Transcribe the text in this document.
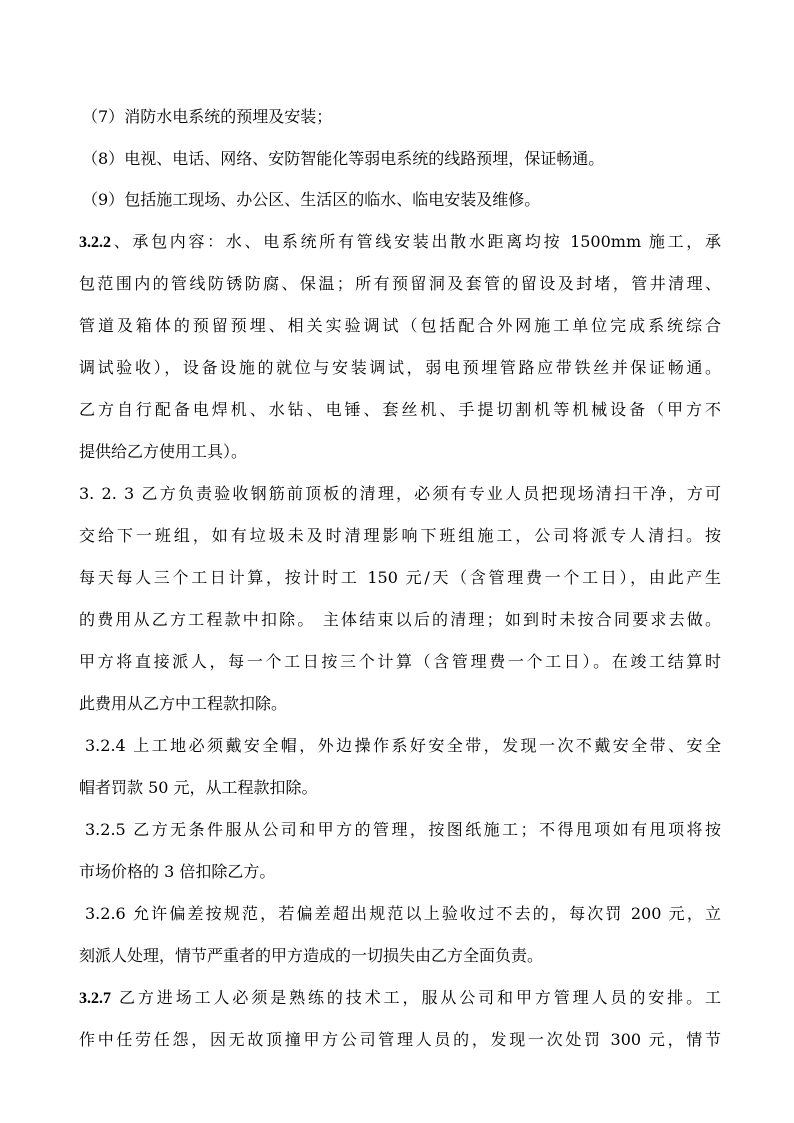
（7）消防水电系统的预埋及安装；

（8）电视、电话、网络、安防智能化等弱电系统的线路预埋，保证畅通。

（9）包括施工现场、办公区、生活区的临水、临电安装及维修。

3.2.2、承包内容：水、电系统所有管线安装出散水距离均按 1500mm 施工，承

包范围内的管线防锈防腐、保温；所有预留洞及套管的留设及封堵，管井清理、

管道及箱体的预留预埋、相关实验调试（包括配合外网施工单位完成系统综合

调试验收），设备设施的就位与安装调试，弱电预埋管路应带铁丝并保证畅通。

乙方自行配备电焊机、水钻、电锤、套丝机、手提切割机等机械设备（甲方不

提供给乙方使用工具）。

3. 2. 3 乙方负责验收钢筋前顶板的清理，必须有专业人员把现场清扫干净，方可

交给下一班组，如有垃圾未及时清理影响下班组施工，公司将派专人清扫。按

每天每人三个工日计算，按计时工 150 元/天（含管理费一个工日），由此产生

的费用从乙方工程款中扣除。 主体结束以后的清理；如到时未按合同要求去做。

甲方将直接派人，每一个工日按三个计算（含管理费一个工日）。在竣工结算时

此费用从乙方中工程款扣除。

3.2.4 上工地必须戴安全帽，外边操作系好安全带，发现一次不戴安全带、安全

帽者罚款 50 元，从工程款扣除。

3.2.5 乙方无条件服从公司和甲方的管理，按图纸施工；不得甩项如有甩项将按

市场价格的 3 倍扣除乙方。

3.2.6 允许偏差按规范，若偏差超出规范以上验收过不去的，每次罚 200 元，立

刻派人处理，情节严重者的甲方造成的一切损失由乙方全面负责。

3.2.7 乙方进场工人必须是熟练的技术工，服从公司和甲方管理人员的安排。工

作中任劳任怨，因无故顶撞甲方公司管理人员的，发现一次处罚 300 元，情节
